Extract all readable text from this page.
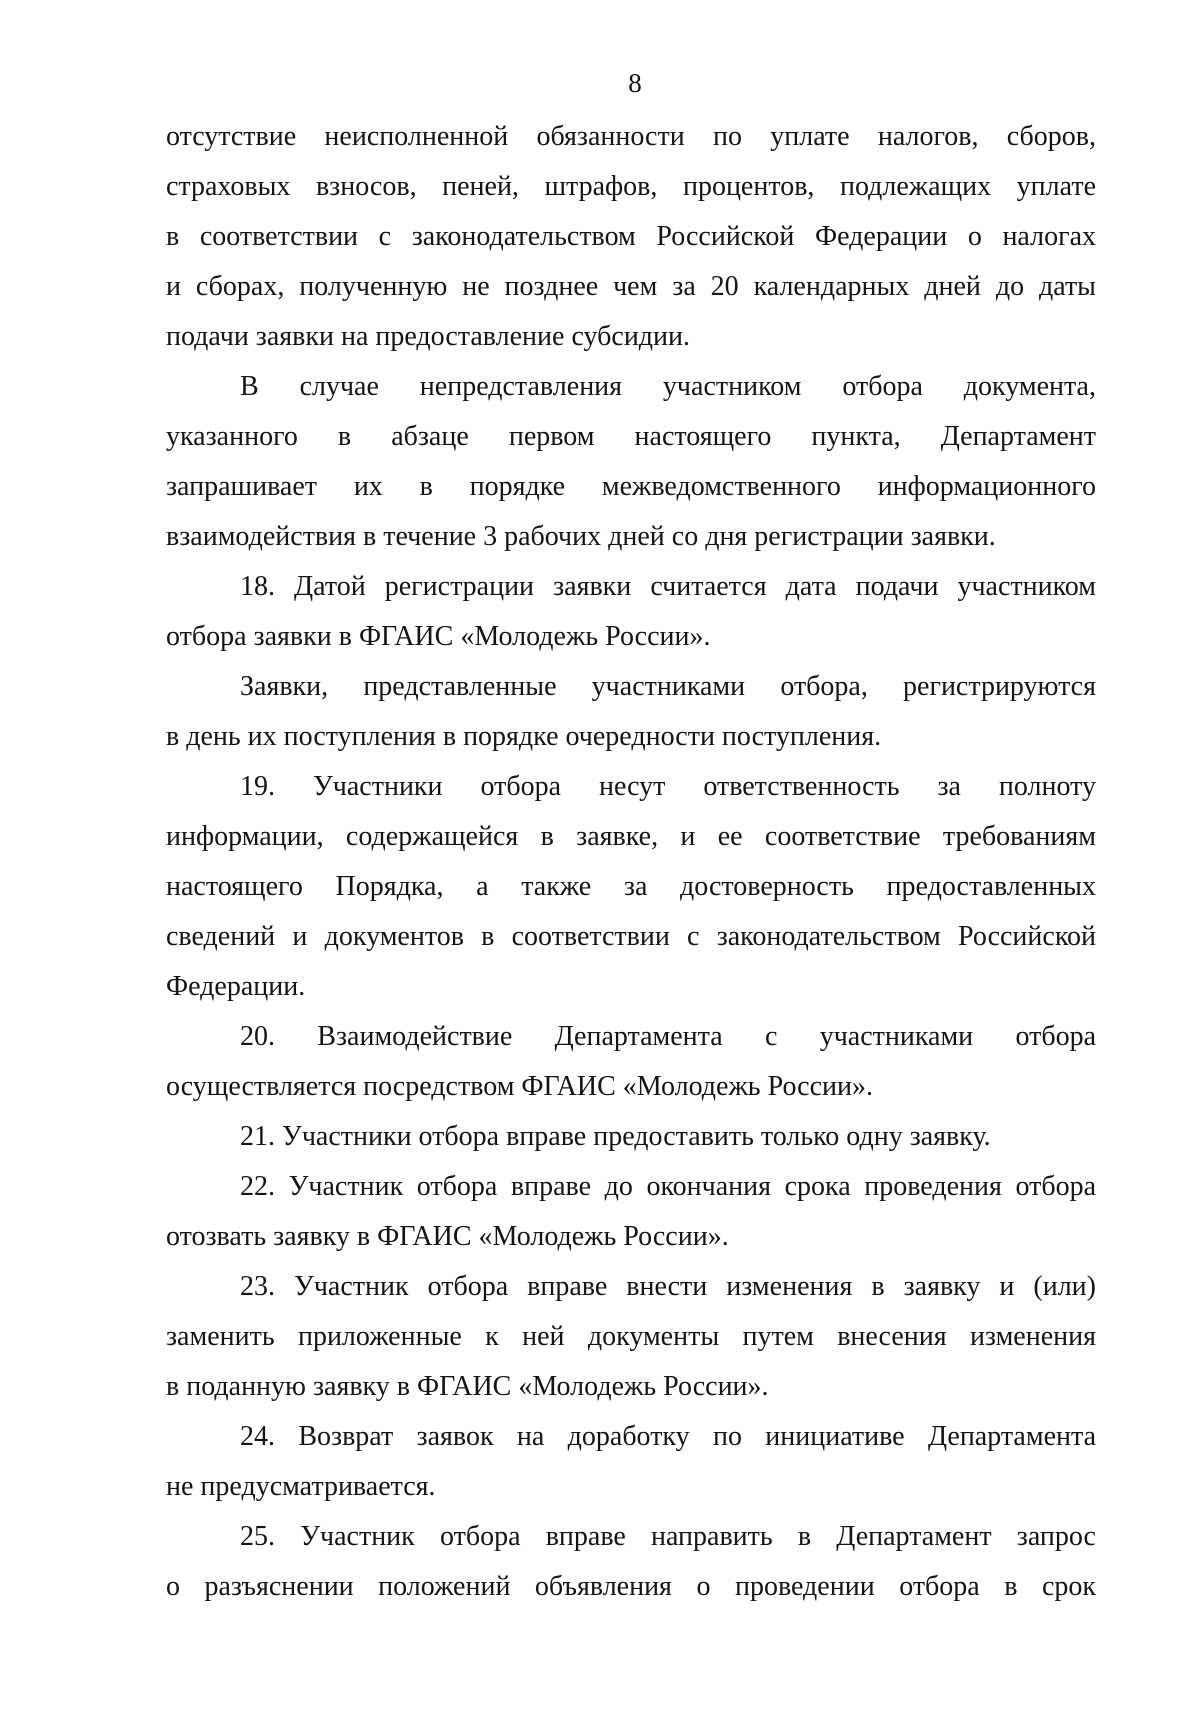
8
отсутствие неисполненной обязанности по уплате налогов, сборов,
страховых взносов, пеней, штрафов, процентов, подлежащих уплате
в соответствии с законодательством Российской Федерации о налогах
и сборах, полученную не позднее чем за 20 календарных дней до даты
подачи заявки на предоставление субсидии.
В случае непредставления участником отбора документа,
указанного в абзаце первом настоящего пункта, Департамент
запрашивает их в порядке межведомственного информационного
взаимодействия в течение 3 рабочих дней со дня регистрации заявки.
18. Датой регистрации заявки считается дата подачи участником
отбора заявки в ФГАИС «Молодежь России».
Заявки, представленные участниками отбора, регистрируются
в день их поступления в порядке очередности поступления.
19. Участники отбора несут ответственность за полноту
информации, содержащейся в заявке, и ее соответствие требованиям
настоящего Порядка, а также за достоверность предоставленных
сведений и документов в соответствии с законодательством Российской
Федерации.
20. Взаимодействие Департамента с участниками отбора
осуществляется посредством ФГАИС «Молодежь России».
21. Участники отбора вправе предоставить только одну заявку.
22. Участник отбора вправе до окончания срока проведения отбора
отозвать заявку в ФГАИС «Молодежь России».
23. Участник отбора вправе внести изменения в заявку и (или)
заменить приложенные к ней документы путем внесения изменения
в поданную заявку в ФГАИС «Молодежь России».
24. Возврат заявок на доработку по инициативе Департамента
не предусматривается.
25. Участник отбора вправе направить в Департамент запрос
о разъяснении положений объявления о проведении отбора в срок
